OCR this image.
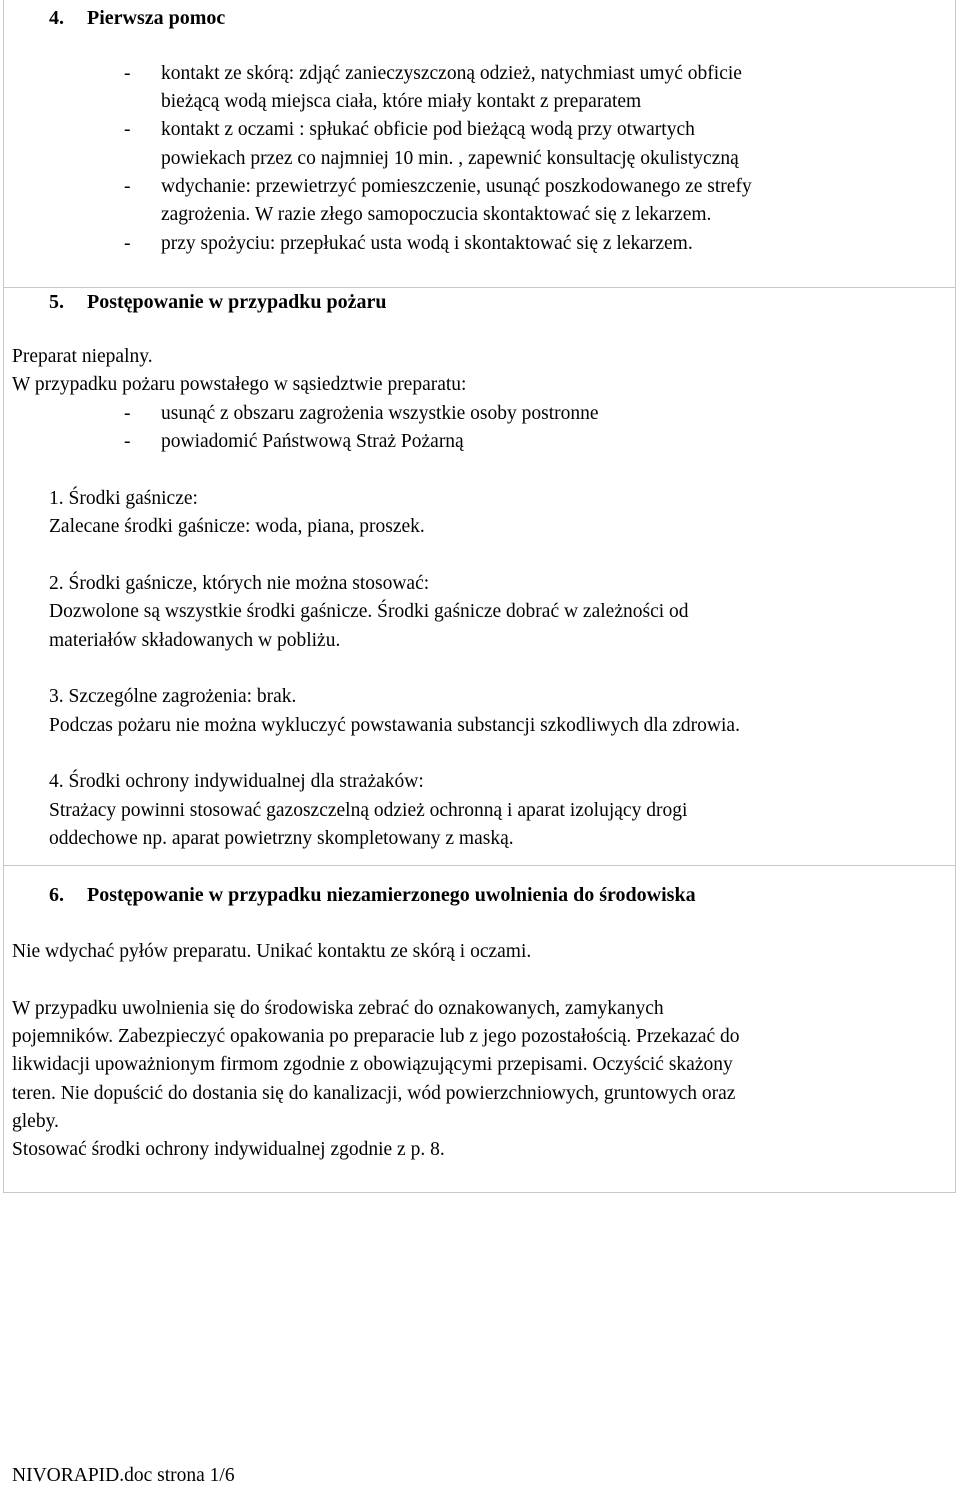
4. Pierwsza pomoc
- kontakt ze skórą: zdjąć zanieczyszczoną odzież, natychmiast umyć obficie
bieżącą wodą miejsca ciała, które miały kontakt z preparatem
- kontakt z oczami : spłukać obficie pod bieżącą wodą przy otwartych
powiekach przez co najmniej 10 min. , zapewnić konsultację okulistyczną
- wdychanie: przewietrzyć pomieszczenie, usunąć poszkodowanego ze strefy
zagrożenia. W razie złego samopoczucia skontaktować się z lekarzem.
- przy spożyciu: przepłukać usta wodą i skontaktować się z lekarzem.
5. Postępowanie w przypadku pożaru
Preparat niepalny.
W przypadku pożaru powstałego w sąsiedztwie preparatu:
- usunąć z obszaru zagrożenia wszystkie osoby postronne
- powiadomić Państwową Straż Pożarną
1. Środki gaśnicze:
Zalecane środki gaśnicze: woda, piana, proszek.
2. Środki gaśnicze, których nie można stosować:
Dozwolone są wszystkie środki gaśnicze. Środki gaśnicze dobrać w zależności od
materiałów składowanych w pobliżu.
3. Szczególne zagrożenia: brak.
Podczas pożaru nie można wykluczyć powstawania substancji szkodliwych dla zdrowia.
4. Środki ochrony indywidualnej dla strażaków:
Strażacy powinni stosować gazoszczelną odzież ochronną i aparat izolujący drogi
oddechowe np. aparat powietrzny skompletowany z maską.
6. Postępowanie w przypadku niezamierzonego uwolnienia do środowiska
Nie wdychać pyłów preparatu. Unikać kontaktu ze skórą i oczami.
W przypadku uwolnienia się do środowiska zebrać do oznakowanych, zamykanych
pojemników. Zabezpieczyć opakowania po preparacie lub z jego pozostałością. Przekazać do
likwidacji upoważnionym firmom zgodnie z obowiązującymi przepisami. Oczyścić skażony
teren. Nie dopuścić do dostania się do kanalizacji, wód powierzchniowych, gruntowych oraz
gleby.
Stosować środki ochrony indywidualnej zgodnie z p. 8.
NIVORAPID.doc strona 1/6
